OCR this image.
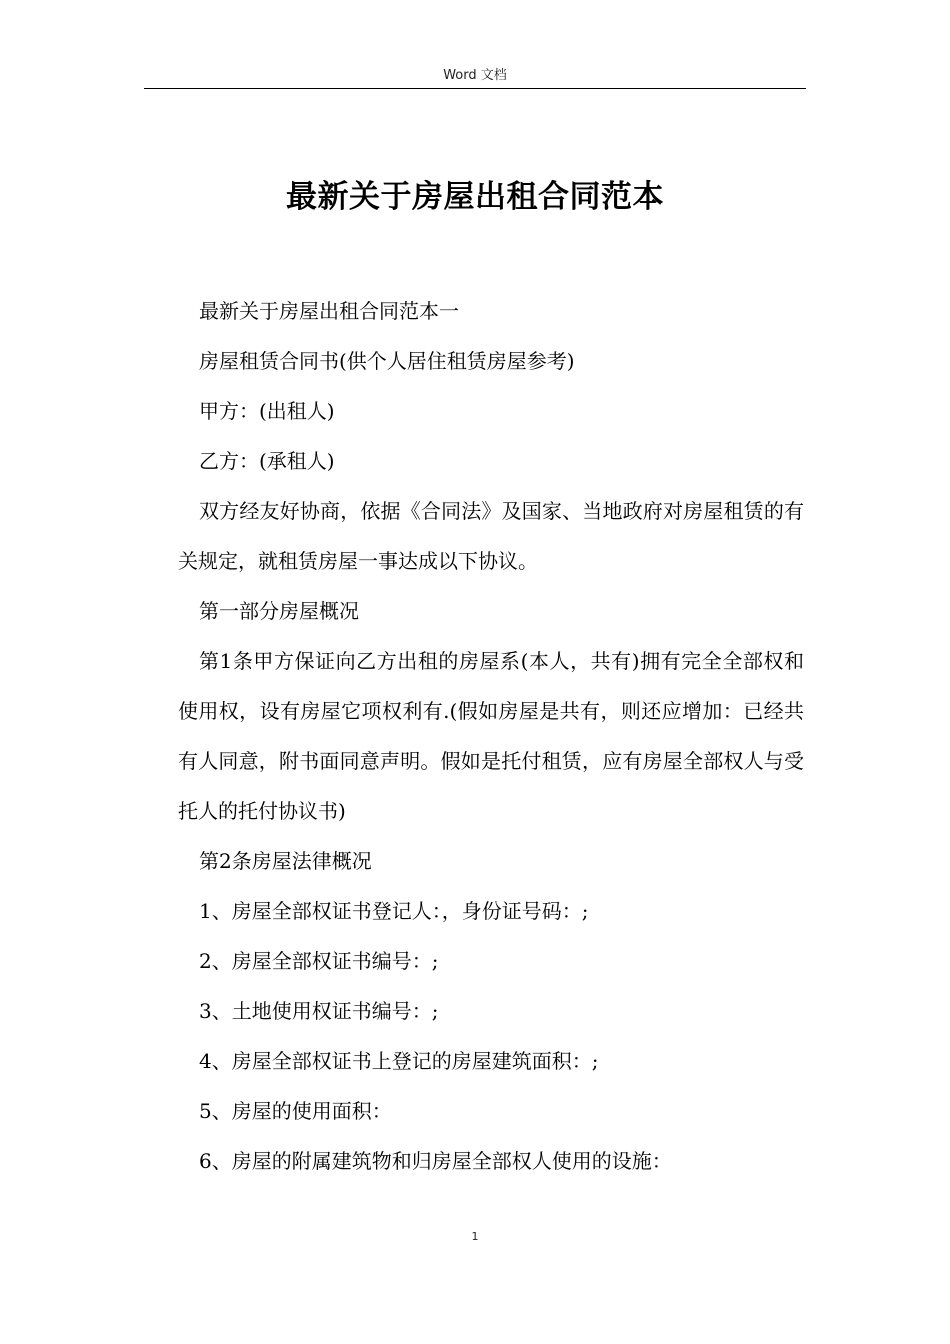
Word 文档
最新关于房屋出租合同范本

最新关于房屋出租合同范本一

房屋租赁合同书(供个人居住租赁房屋参考)

甲方：(出租人)

乙方：(承租人)

双方经友好协商，依据《合同法》及国家、当地政府对房屋租赁的有关规定，就租赁房屋一事达成以下协议。

第一部分房屋概况

第1条甲方保证向乙方出租的房屋系(本人，共有)拥有完全全部权和使用权，设有房屋它项权利有.(假如房屋是共有，则还应增加：已经共有人同意，附书面同意声明。假如是托付租赁，应有房屋全部权人与受托人的托付协议书)

第2条房屋法律概况

1、房屋全部权证书登记人：，身份证号码：;

2、房屋全部权证书编号：;

3、土地使用权证书编号：;

4、房屋全部权证书上登记的房屋建筑面积：;

5、房屋的使用面积：

6、房屋的附属建筑物和归房屋全部权人使用的设施：

1
